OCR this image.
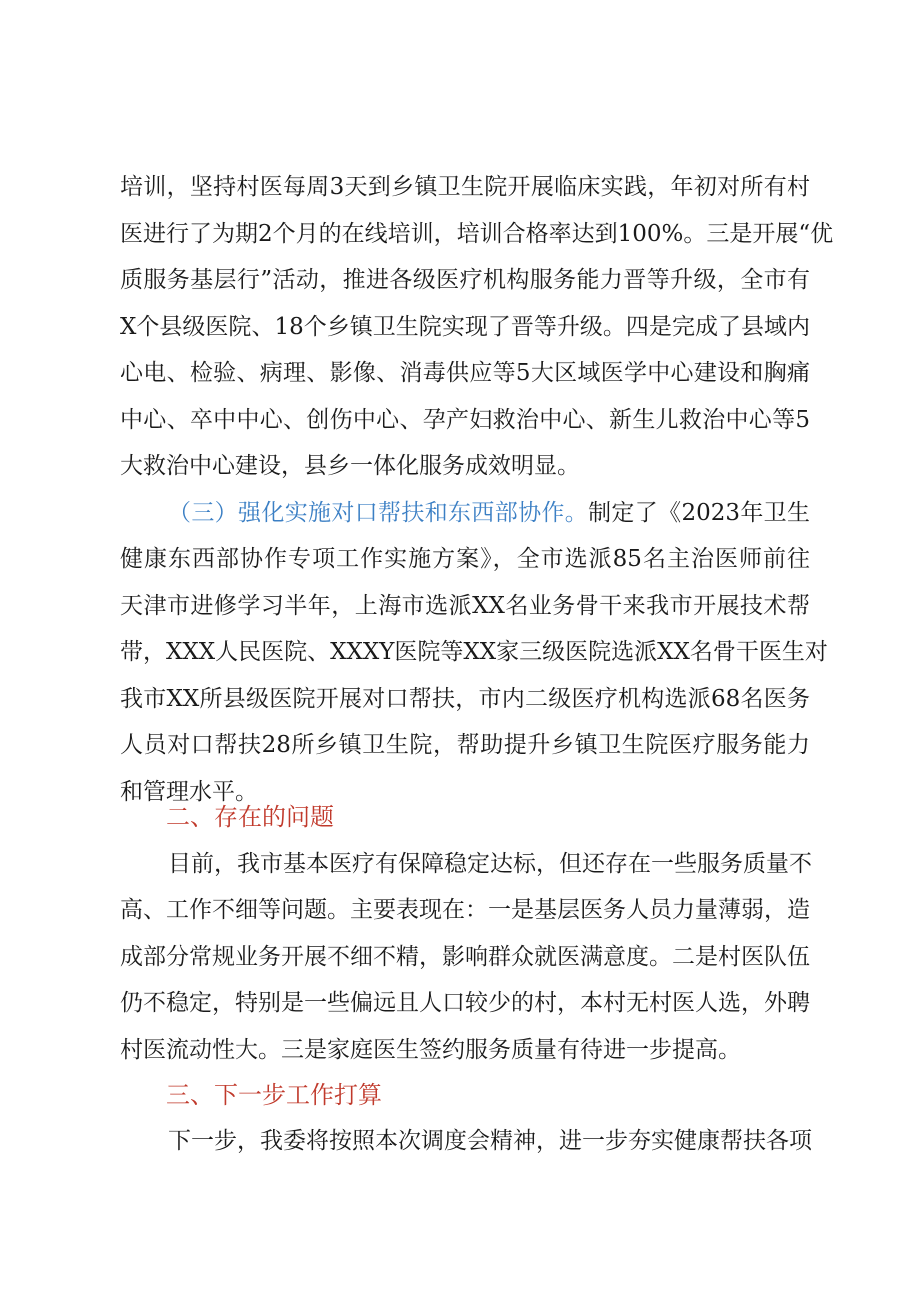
培训，坚持村医每周3天到乡镇卫生院开展临床实践，年初对所有村
医进行了为期2个月的在线培训，培训合格率达到100%。三是开展“优
质服务基层行”活动，推进各级医疗机构服务能力晋等升级，全市有
X个县级医院、18个乡镇卫生院实现了晋等升级。四是完成了县域内
心电、检验、病理、影像、消毒供应等5大区域医学中心建设和胸痛
中心、卒中中心、创伤中心、孕产妇救治中心、新生儿救治中心等5
大救治中心建设，县乡一体化服务成效明显。
（三）强化实施对口帮扶和东西部协作。制定了《2023年卫生
健康东西部协作专项工作实施方案》，全市选派85名主治医师前往
天津市进修学习半年，上海市选派XX名业务骨干来我市开展技术帮
带，XXX人民医院、XXXY医院等XX家三级医院选派XX名骨干医生对
我市XX所县级医院开展对口帮扶，市内二级医疗机构选派68名医务
人员对口帮扶28所乡镇卫生院，帮助提升乡镇卫生院医疗服务能力
和管理水平。
二、存在的问题
目前，我市基本医疗有保障稳定达标，但还存在一些服务质量不
高、工作不细等问题。主要表现在：一是基层医务人员力量薄弱，造
成部分常规业务开展不细不精，影响群众就医满意度。二是村医队伍
仍不稳定，特别是一些偏远且人口较少的村，本村无村医人选，外聘
村医流动性大。三是家庭医生签约服务质量有待进一步提高。
三、下一步工作打算
下一步，我委将按照本次调度会精神，进一步夯实健康帮扶各项
